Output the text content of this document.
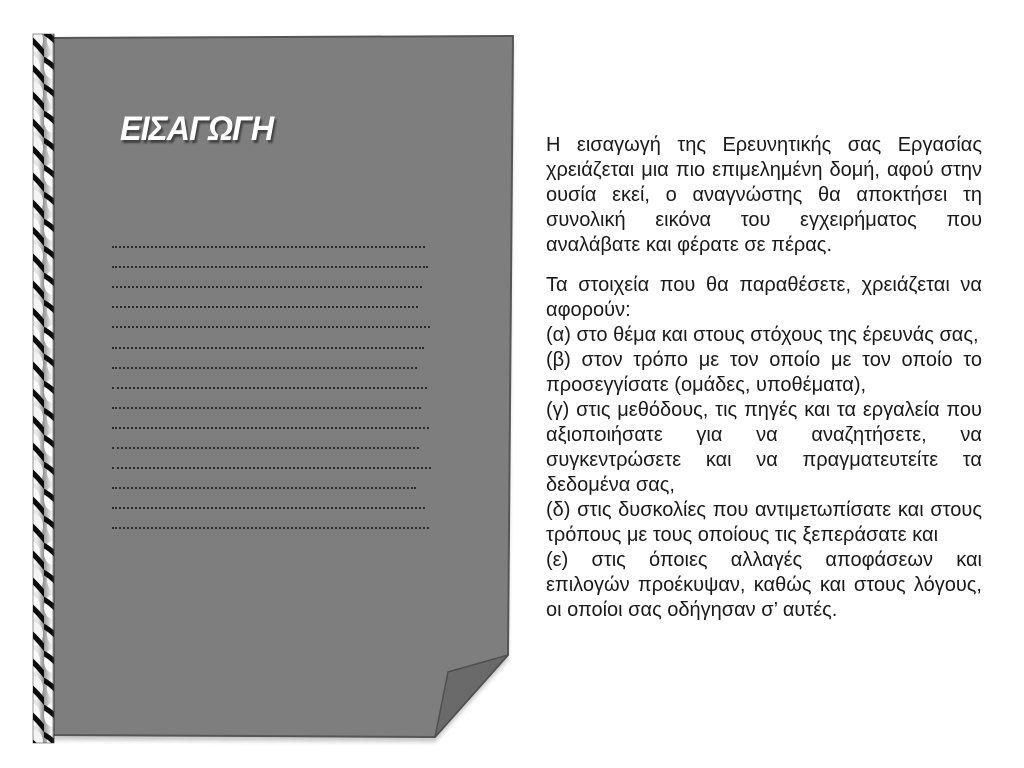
ΕΙΣΑΓΩΓΗ	Η εισαγωγή της Ερευνητικής σας Εργασίας χρειάζεται μια πιο επιμελημένη δομή, αφού στην ουσία εκεί, ο αναγνώστης θα αποκτήσει τη συνολική εικόνα του εγχειρήματος που αναλάβατε και φέρατε σε πέρας.

Τα στοιχεία που θα παραθέσετε, χρειάζεται να αφορούν:

(α) στο θέμα και στους στόχους της έρευνάς σας,

(β) στον τρόπο με τον οποίο με τον οποίο το προσεγγίσατε (ομάδες, υποθέματα),

(γ) στις μεθόδους, τις πηγές και τα εργαλεία που αξιοποιήσατε για να αναζητήσετε, να συγκεντρώσετε και να πραγματευτείτε τα δεδομένα σας,

(δ) στις δυσκολίες που αντιμετωπίσατε και στους τρόπους με τους οποίους τις ξεπεράσατε και

(ε) στις όποιες αλλαγές αποφάσεων και επιλογών προέκυψαν, καθώς και στους λόγους, οι οποίοι σας οδήγησαν σ’ αυτές.
